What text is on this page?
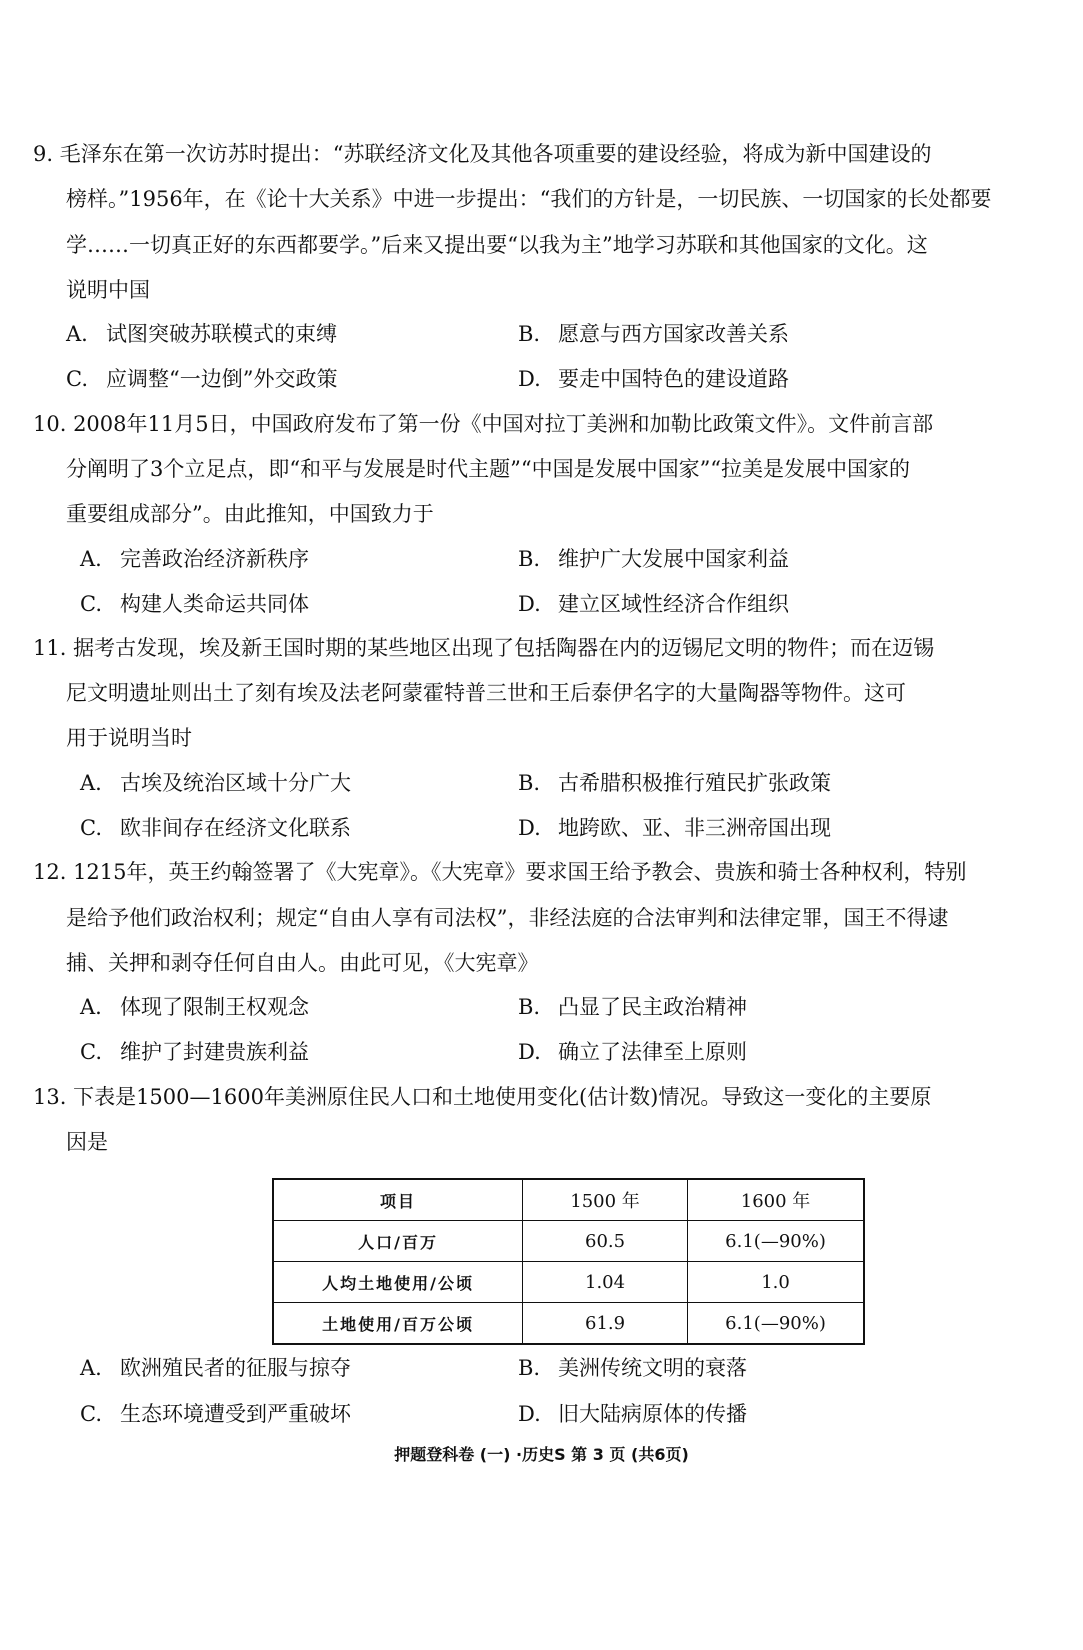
9. 毛泽东在第一次访苏时提出：“苏联经济文化及其他各项重要的建设经验，将成为新中国建设的
榜样。”1956年，在《论十大关系》中进一步提出：“我们的方针是，一切民族、一切国家的长处都要
学……一切真正好的东西都要学。”后来又提出要“以我为主”地学习苏联和其他国家的文化。这
说明中国
A. 试图突破苏联模式的束缚	B. 愿意与西方国家改善关系
C. 应调整“一边倒”外交政策	D. 要走中国特色的建设道路
10. 2008年11月5日，中国政府发布了第一份《中国对拉丁美洲和加勒比政策文件》。文件前言部
分阐明了3个立足点，即“和平与发展是时代主题”“中国是发展中国家”“拉美是发展中国家的
重要组成部分”。由此推知，中国致力于
A. 完善政治经济新秩序	B. 维护广大发展中国家利益
C. 构建人类命运共同体	D. 建立区域性经济合作组织
11. 据考古发现，埃及新王国时期的某些地区出现了包括陶器在内的迈锡尼文明的物件；而在迈锡
尼文明遗址则出土了刻有埃及法老阿蒙霍特普三世和王后泰伊名字的大量陶器等物件。这可
用于说明当时
A. 古埃及统治区域十分广大	B. 古希腊积极推行殖民扩张政策
C. 欧非间存在经济文化联系	D. 地跨欧、亚、非三洲帝国出现
12. 1215年，英王约翰签署了《大宪章》。《大宪章》要求国王给予教会、贵族和骑士各种权利，特别
是给予他们政治权利；规定“自由人享有司法权”，非经法庭的合法审判和法律定罪，国王不得逮
捕、关押和剥夺任何自由人。由此可见，《大宪章》
A. 体现了限制王权观念	B. 凸显了民主政治精神
C. 维护了封建贵族利益	D. 确立了法律至上原则
13. 下表是1500—1600年美洲原住民人口和土地使用变化(估计数)情况。导致这一变化的主要原
因是
项目	1500 年	1600 年
人口/百万	60.5	6.1(—90%)
人均土地使用/公顷	1.04	1.0
土地使用/百万公顷	61.9	6.1(—90%)
A. 欧洲殖民者的征服与掠夺	B. 美洲传统文明的衰落
C. 生态环境遭受到严重破坏	D. 旧大陆病原体的传播
押题登科卷 (一) ·历史S 第 3 页 (共6页)
